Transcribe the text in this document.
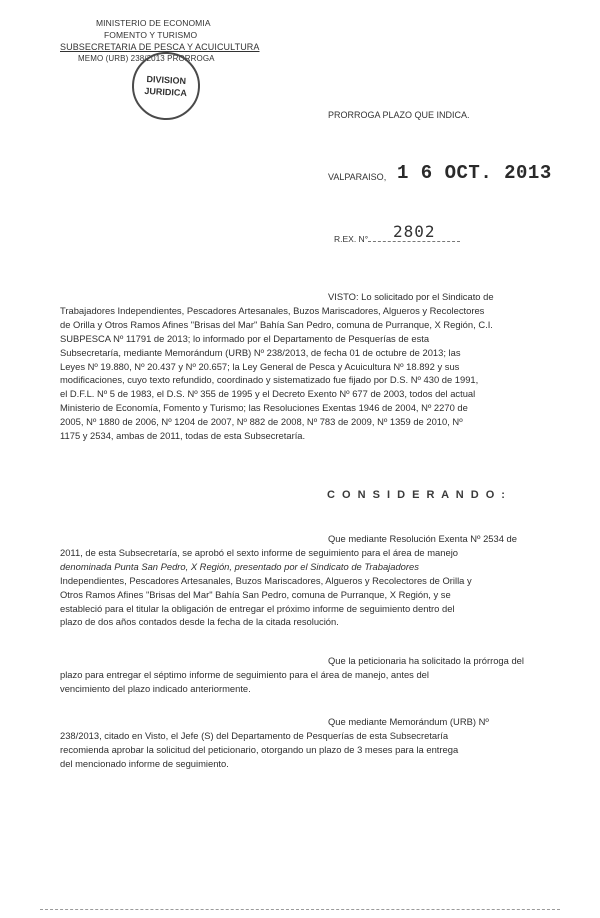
MINISTERIO DE ECONOMIA
FOMENTO Y TURISMO
SUBSECRETARIA DE PESCA Y ACUICULTURA
MEMO (URB) 238/2013 PRORROGA
DIVISION
JURIDICA
PRORROGA PLAZO QUE INDICA.
VALPARAISO, 1 6 OCT. 2013
R.EX. N° 2802
VISTO: Lo solicitado por el Sindicato de
Trabajadores Independientes, Pescadores Artesanales, Buzos Mariscadores, Algueros y Recolectores
de Orilla y Otros Ramos Afines "Brisas del Mar" Bahía San Pedro, comuna de Purranque, X Región, C.I.
SUBPESCA Nº 11791 de 2013; lo informado por el Departamento de Pesquerías de esta
Subsecretaría, mediante Memorándum (URB) Nº 238/2013, de fecha 01 de octubre de 2013; las
Leyes Nº 19.880, Nº 20.437 y Nº 20.657; la Ley General de Pesca y Acuicultura Nº 18.892 y sus
modificaciones, cuyo texto refundido, coordinado y sistematizado fue fijado por D.S. Nº 430 de 1991,
el D.F.L. Nº 5 de 1983, el D.S. Nº 355 de 1995 y el Decreto Exento Nº 677 de 2003, todos del actual
Ministerio de Economía, Fomento y Turismo; las Resoluciones Exentas 1946 de 2004, Nº 2270 de
2005, Nº 1880 de 2006, Nº 1204 de 2007, Nº 882 de 2008, Nº 783 de 2009, Nº 1359 de 2010, Nº
1175 y 2534, ambas de 2011, todas de esta Subsecretaría.
C O N S I D E R A N D O :
Que mediante Resolución Exenta Nº 2534 de
2011, de esta Subsecretaría, se aprobó el sexto informe de seguimiento para el área de manejo
denominada Punta San Pedro, X Región, presentado por el Sindicato de Trabajadores
Independientes, Pescadores Artesanales, Buzos Mariscadores, Algueros y Recolectores de Orilla y
Otros Ramos Afines "Brisas del Mar" Bahía San Pedro, comuna de Purranque, X Región, y se
estableció para el titular la obligación de entregar el próximo informe de seguimiento dentro del
plazo de dos años contados desde la fecha de la citada resolución.
Que la peticionaria ha solicitado la prórroga del
plazo para entregar el séptimo informe de seguimiento para el área de manejo, antes del
vencimiento del plazo indicado anteriormente.
Que mediante Memorándum (URB) Nº
238/2013, citado en Visto, el Jefe (S) del Departamento de Pesquerías de esta Subsecretaría
recomienda aprobar la solicitud del peticionario, otorgando un plazo de 3 meses para la entrega
del mencionado informe de seguimiento.
